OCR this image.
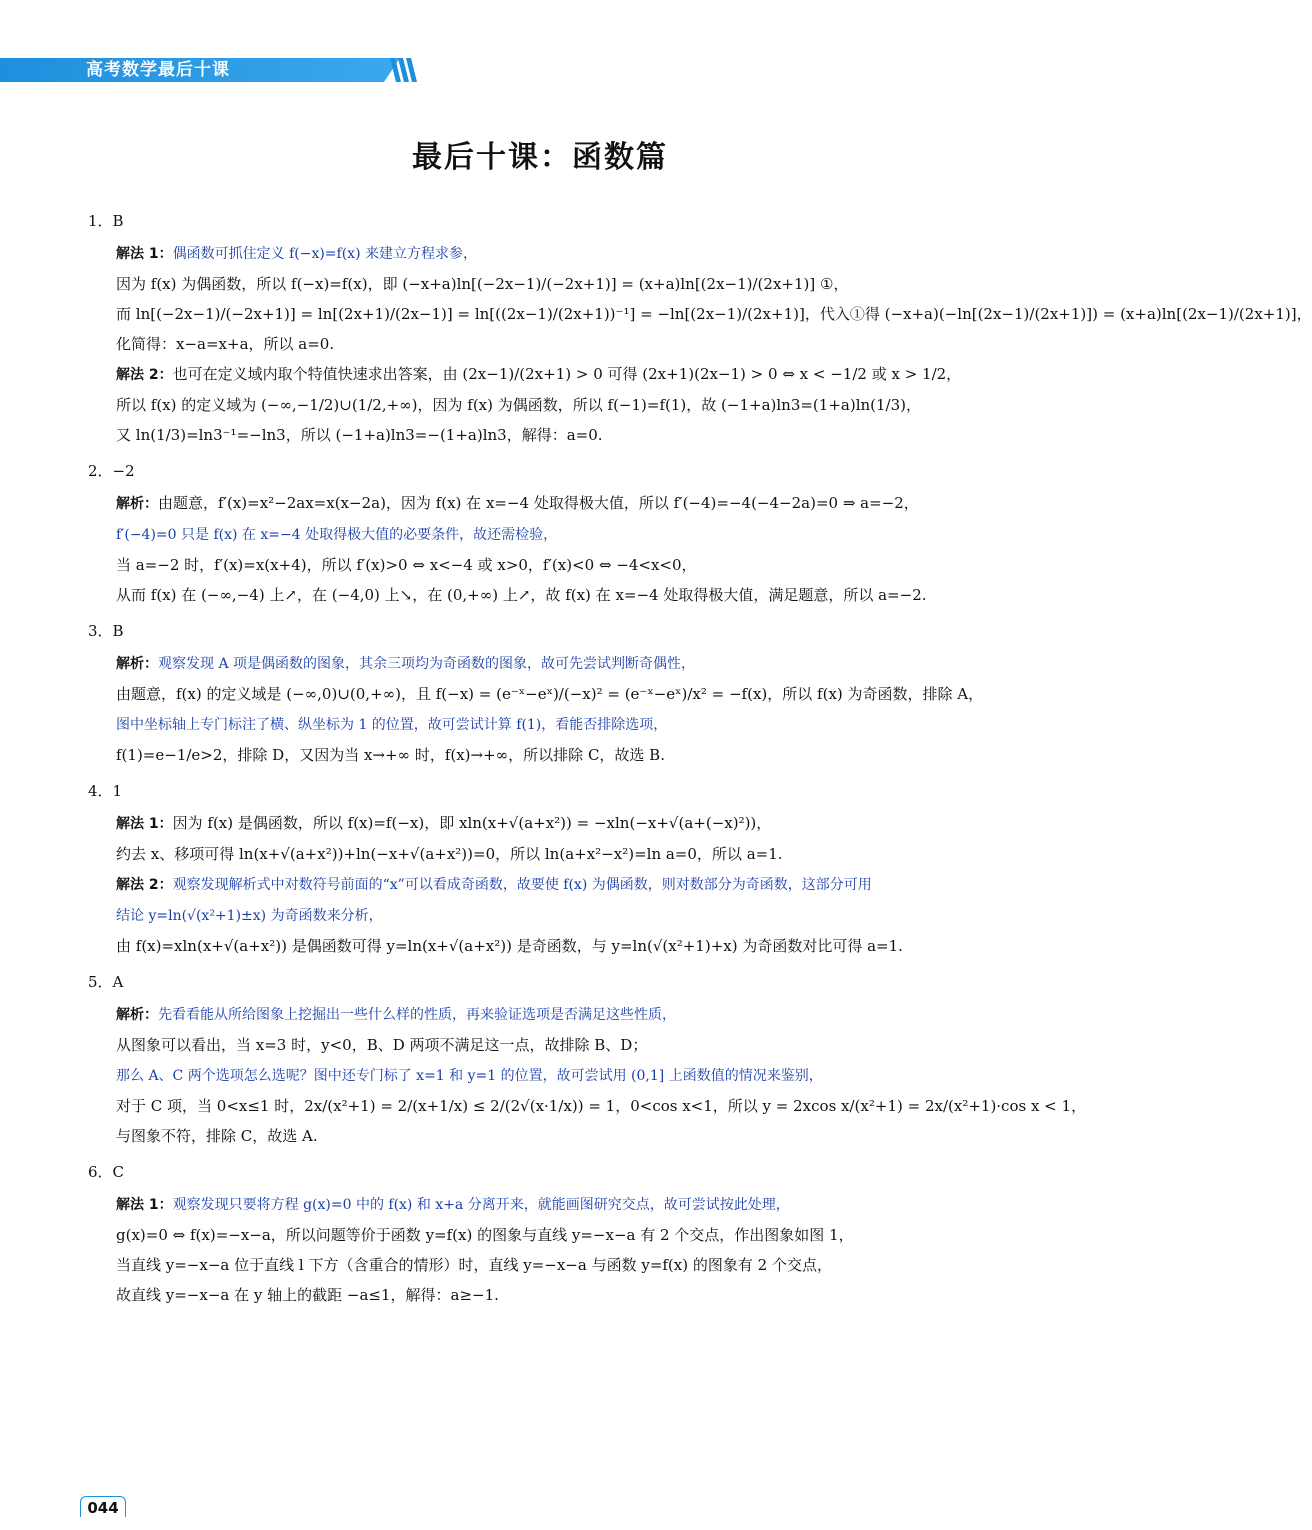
高考数学最后十课
最后十课：函数篇
1．B
解法 1：偶函数可抓住定义 f(−x)=f(x) 来建立方程求参，
因为 f(x) 为偶函数，所以 f(−x)=f(x)，即 (−x+a)ln[(−2x−1)/(−2x+1)] = (x+a)ln[(2x−1)/(2x+1)] ①，
而 ln[(−2x−1)/(−2x+1)] = ln[(2x+1)/(2x−1)] = ln[((2x−1)/(2x+1))⁻¹] = −ln[(2x−1)/(2x+1)]，代入①得 (−x+a)(−ln[(2x−1)/(2x+1)]) = (x+a)ln[(2x−1)/(2x+1)]，
化简得：x−a=x+a，所以 a=0.
解法 2：也可在定义域内取个特值快速求出答案，由 (2x−1)/(2x+1) > 0 可得 (2x+1)(2x−1) > 0 ⇔ x < −1/2 或 x > 1/2，
所以 f(x) 的定义域为 (−∞,−1/2)∪(1/2,+∞)，因为 f(x) 为偶函数，所以 f(−1)=f(1)，故 (−1+a)ln3=(1+a)ln(1/3)，
又 ln(1/3)=ln3⁻¹=−ln3，所以 (−1+a)ln3=−(1+a)ln3，解得：a=0.
2．−2
解析：由题意，f′(x)=x²−2ax=x(x−2a)，因为 f(x) 在 x=−4 处取得极大值，所以 f′(−4)=−4(−4−2a)=0 ⇒ a=−2，
f′(−4)=0 只是 f(x) 在 x=−4 处取得极大值的必要条件，故还需检验，
当 a=−2 时，f′(x)=x(x+4)，所以 f′(x)>0 ⇔ x<−4 或 x>0，f′(x)<0 ⇔ −4<x<0，
从而 f(x) 在 (−∞,−4) 上↗，在 (−4,0) 上↘，在 (0,+∞) 上↗，故 f(x) 在 x=−4 处取得极大值，满足题意，所以 a=−2.
3．B
解析：观察发现 A 项是偶函数的图象，其余三项均为奇函数的图象，故可先尝试判断奇偶性，
由题意，f(x) 的定义域是 (−∞,0)∪(0,+∞)，且 f(−x) = (e⁻ˣ−eˣ)/(−x)² = (e⁻ˣ−eˣ)/x² = −f(x)，所以 f(x) 为奇函数，排除 A，
图中坐标轴上专门标注了横、纵坐标为 1 的位置，故可尝试计算 f(1)，看能否排除选项，
f(1)=e−1/e>2，排除 D，又因为当 x→+∞ 时，f(x)→+∞，所以排除 C，故选 B.
4．1
解法 1：因为 f(x) 是偶函数，所以 f(x)=f(−x)，即 xln(x+√(a+x²)) = −xln(−x+√(a+(−x)²))，
约去 x、移项可得 ln(x+√(a+x²))+ln(−x+√(a+x²))=0，所以 ln(a+x²−x²)=ln a=0，所以 a=1.
解法 2：观察发现解析式中对数符号前面的“x”可以看成奇函数，故要使 f(x) 为偶函数，则对数部分为奇函数，这部分可用
结论 y=ln(√(x²+1)±x) 为奇函数来分析，
由 f(x)=xln(x+√(a+x²)) 是偶函数可得 y=ln(x+√(a+x²)) 是奇函数，与 y=ln(√(x²+1)+x) 为奇函数对比可得 a=1.
5．A
解析：先看看能从所给图象上挖掘出一些什么样的性质，再来验证选项是否满足这些性质，
从图象可以看出，当 x=3 时，y<0，B、D 两项不满足这一点，故排除 B、D；
那么 A、C 两个选项怎么选呢？图中还专门标了 x=1 和 y=1 的位置，故可尝试用 (0,1] 上函数值的情况来鉴别，
对于 C 项，当 0<x≤1 时，2x/(x²+1) = 2/(x+1/x) ≤ 2/(2√(x·1/x)) = 1，0<cos x<1，所以 y = 2xcos x/(x²+1) = 2x/(x²+1)·cos x < 1，
与图象不符，排除 C，故选 A.
6．C
解法 1：观察发现只要将方程 g(x)=0 中的 f(x) 和 x+a 分离开来，就能画图研究交点，故可尝试按此处理，
g(x)=0 ⇔ f(x)=−x−a，所以问题等价于函数 y=f(x) 的图象与直线 y=−x−a 有 2 个交点，作出图象如图 1，
当直线 y=−x−a 位于直线 l 下方（含重合的情形）时，直线 y=−x−a 与函数 y=f(x) 的图象有 2 个交点，
故直线 y=−x−a 在 y 轴上的截距 −a≤1，解得：a≥−1.
044
